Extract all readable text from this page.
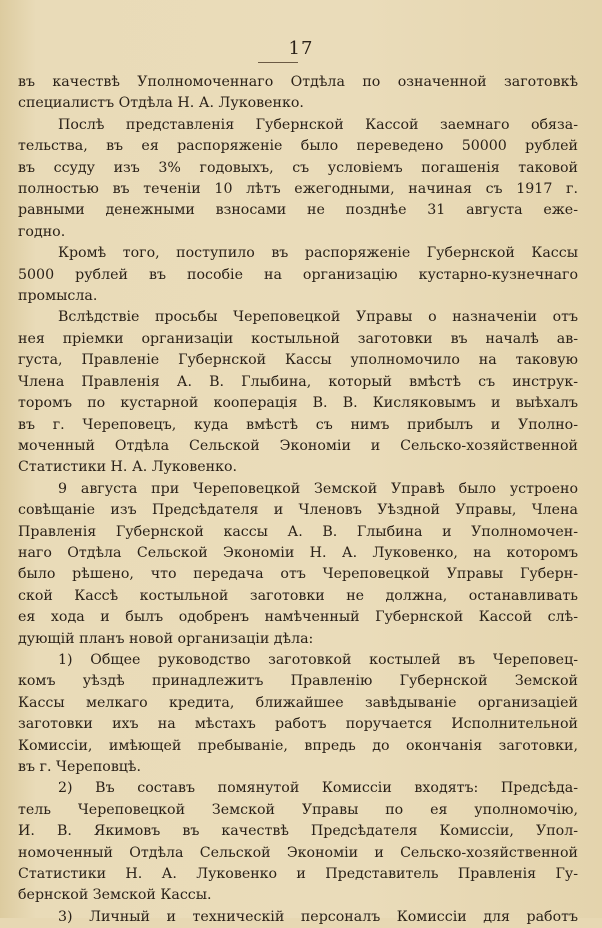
17
въ качествѣ Уполномоченнаго Отдѣла по означенной заготовкѣ
специалистъ Отдѣла Н. А. Луковенко.
Послѣ представленія Губернской Кассой заемнаго обяза-
тельства, въ ея распоряженіе было переведено 50000 рублей
въ ссуду изъ 3% годовыхъ, съ условіемъ погашенія таковой
полностью въ теченіи 10 лѣтъ ежегодными, начиная съ 1917 г.
равными денежными взносами не позднѣе 31 августа еже-
годно.
Кромѣ того, поступило въ распоряженіе Губернской Кассы
5000 рублей въ пособіе на организацію кустарно-кузнечнаго
промысла.
Вслѣдствіе просьбы Череповецкой Управы о назначеніи отъ
нея пріемки организаціи костыльной заготовки въ началѣ ав-
густа, Правленіе Губернской Кассы уполномочило на таковую
Члена Правленія А. В. Глыбина, который вмѣстѣ съ инструк-
торомъ по кустарной кооперація В. В. Кисляковымъ и выѣхалъ
въ г. Череповецъ, куда вмѣстѣ съ нимъ прибылъ и Уполно-
моченный Отдѣла Сельской Экономіи и Сельско-хозяйственной
Статистики Н. А. Луковенко.
9 августа при Череповецкой Земской Управѣ было устроено
совѣщаніе изъ Предсѣдателя и Членовъ Уѣздной Управы, Члена
Правленія Губернской кассы А. В. Глыбина и Уполномочен-
наго Отдѣла Сельской Экономіи Н. А. Луковенко, на которомъ
было рѣшено, что передача отъ Череповецкой Управы Губерн-
ской Кассѣ костыльной заготовки не должна, останавливать
ея хода и былъ одобренъ намѣченный Губернской Кассой слѣ-
дующій планъ новой организаціи дѣла:
1) Общее руководство заготовкой костылей въ Череповец-
комъ уѣздѣ принадлежитъ Правленію Губернской Земской
Кассы мелкаго кредита, ближайшее завѣдываніе организаціей
заготовки ихъ на мѣстахъ работъ поручается Исполнительной
Комиссіи, имѣющей пребываніе, впредь до окончанія заготовки,
въ г. Череповцѣ.
2) Въ составъ помянутой Комиссіи входятъ: Предсѣда-
тель Череповецкой Земской Управы по ея уполномочію,
И. В. Якимовъ въ качествѣ Предсѣдателя Комиссіи, Упол-
номоченный Отдѣла Сельской Экономіи и Сельско-хозяйственной
Статистики Н. А. Луковенко и Представитель Правленія Гу-
бернской Земской Кассы.
3) Личный и техническій персоналъ Комиссіи для работъ
